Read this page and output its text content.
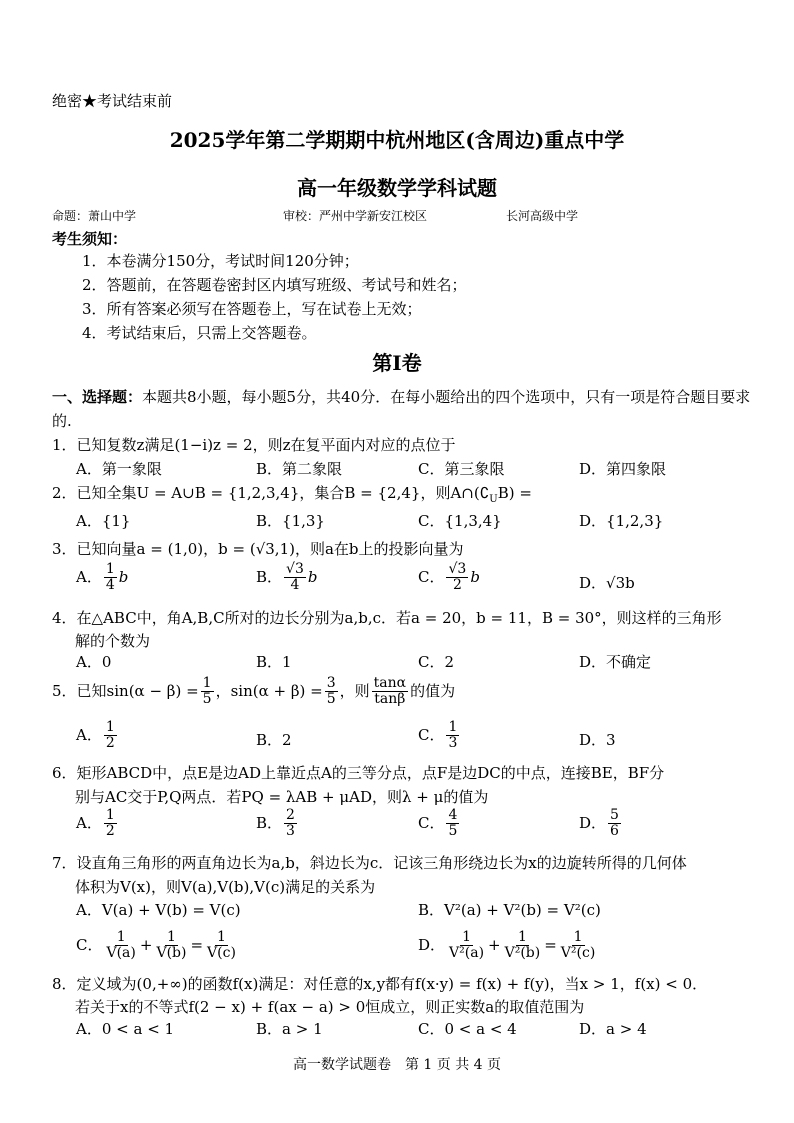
绝密★考试结束前
2025学年第二学期期中杭州地区(含周边)重点中学
高一年级数学学科试题
命题：萧山中学	审校：严州中学新安江校区	长河高级中学
考生须知：
1．本卷满分150分，考试时间120分钟；
2．答题前，在答题卷密封区内填写班级、考试号和姓名；
3．所有答案必须写在答题卷上，写在试卷上无效；
4．考试结束后，只需上交答题卷。
第Ⅰ卷
一、选择题：本题共8小题，每小题5分，共40分．在每小题给出的四个选项中，只有一项是符合题目要求的.
1．已知复数z满足(1−i)z = 2，则z在复平面内对应的点位于
A．第一象限	B．第二象限	C．第三象限	D．第四象限
2．已知全集U = A∪B = {1,2,3,4}，集合B = {2,4}，则$A\cap(∁_UB)$ =
A．{1}	B．{1,3}	C．{1,3,4}	D．{1,2,3}
3．已知向量a = (1,0)，b = (√3,1)，则a在b上的投影向量为
A． $\frac{1}{4}$ b	B． $\frac{√3}{4}$ b	C． $\frac{√3}{2}$ b	D．√3b
4．在△ABC中，角A,B,C所对的边长分别为a,b,c．若a = 20，b = 11，B = 30°，则这样的三角形
解的个数为
A．0	B．1	C．2	D．不确定
5．已知$\sin(\alpha - \beta) = \frac{1}{5}$ ，$\sin(\alpha + \beta) = \frac{3}{5}$ ，则 $\frac{\tan\alpha}{\tan\beta}$ 的值为
A． $\frac{1}{2}$	B．2	C． $\frac{1}{3}$	D．3
6．矩形ABCD中，点E是边AD上靠近点A的三等分点，点F是边DC的中点，连接BE，BF分
别与AC交于P,Q两点．若PQ = λAB + μAD，则λ + μ的值为
A． $\frac{1}{2}$	B． $\frac{2}{3}$	C． $\frac{4}{5}$	D． $\frac{5}{6}$
7．设直角三角形的两直角边长为a,b，斜边长为c．记该三角形绕边长为x的边旋转所得的几何体
体积为V(x)，则V(a),V(b),V(c)满足的关系为
A．V(a) + V(b) = V(c)	B．V²(a) + V²(b) = V²(c)
C． $\frac{1}{V(a)} + \frac{1}{V(b)} = \frac{1}{V(c)}$	D． $\frac{1}{\text{V²(a)}} + \frac{1}{\text{V²(b)}} = \frac{1}{\text{V²(c)}}$
8．定义域为(0,+∞)的函数f(x)满足：对任意的x,y都有f(x·y) = f(x) + f(y)，当x > 1，f(x) < 0．
若关于x的不等式f(2 − x) + f(ax − a) > 0恒成立，则正实数a的取值范围为
A．0 < a < 1	B．a > 1	C．0 < a < 4	D．a > 4
高一数学试题卷　第 1 页 共 4 页
